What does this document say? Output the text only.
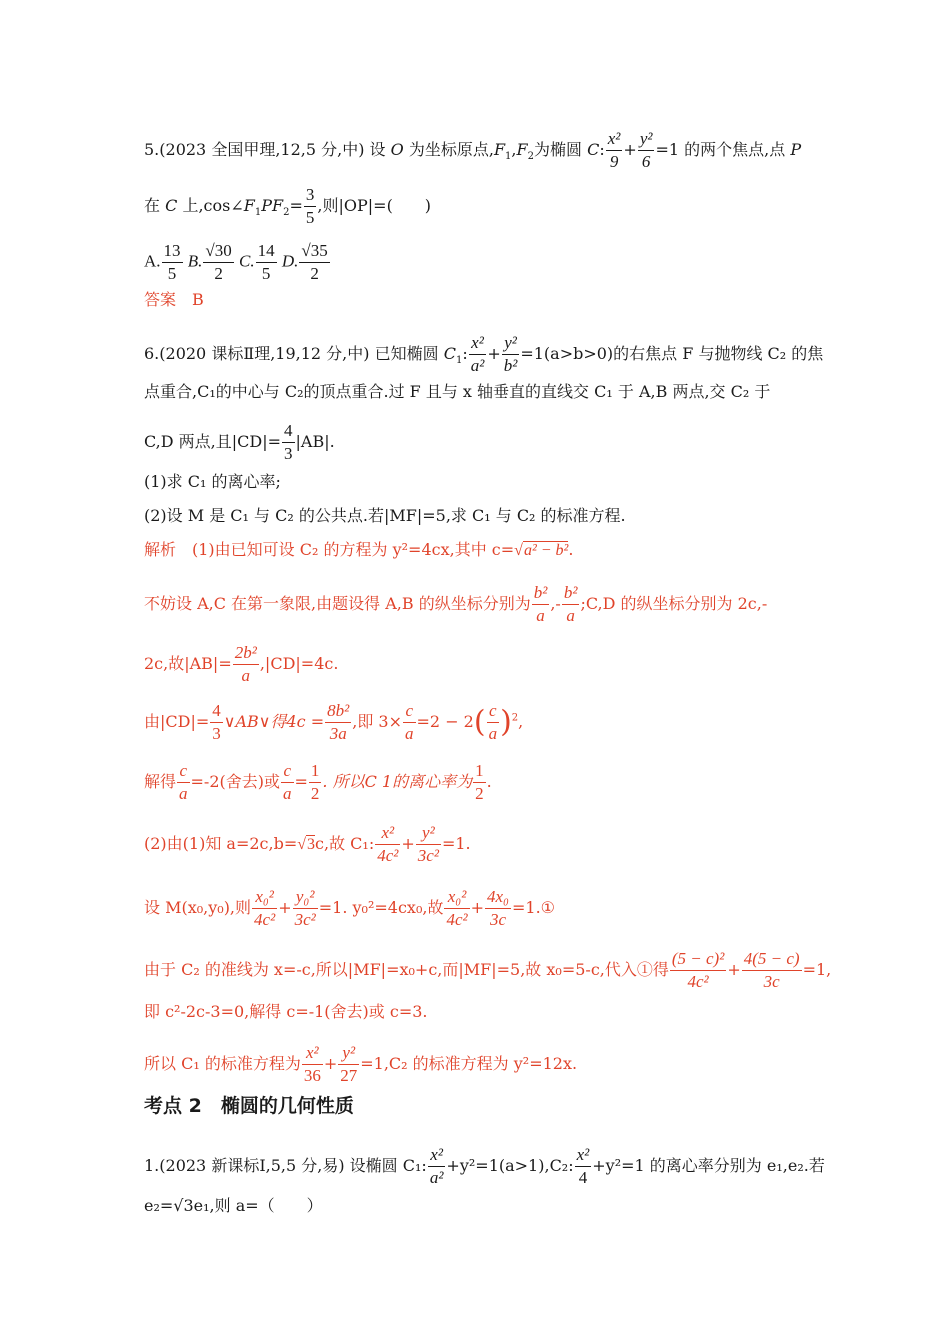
5.(2023 全国甲理,12,5 分,中) 设 O 为坐标原点$,F_1,F_2$为椭圆 C: $\frac{\text{x²}}{9} + \frac{\text{y²}}{6} =1$ 的两个焦点,点 P
在 C 上$,\cos\angle F_1PF_2= \frac{3}{5}$ ,则|OP|=(　　)
A. $\frac{13}{5} B$. $\frac{√30}{2} C$. $\frac{14}{5} D$. $\frac{√35}{2}$
答案　B
6.(2020 课标Ⅱ理,19,12 分,中) 已知椭圆 $C_1$: $\frac{\text{x²}}{\text{a²}} + \frac{\text{y²}}{\text{b²}} =1(a>b>0)$的右焦点 F 与抛物线 C₂ 的焦
点重合,C₁的中心与 C₂的顶点重合.过 F 且与 x 轴垂直的直线交 C₁ 于 A,B 两点,交 C₂ 于
C,D 两点,且$|CD|= \frac{4}{3} |AB|$.
(1)求 C₁ 的离心率;
(2)设 M 是 C₁ 与 C₂ 的公共点.若|MF|=5,求 C₁ 与 C₂ 的标准方程.
解析　(1)由已知可设 C₂ 的方程为 y²=4cx,其中 c=√a² − b².
不妨设 A,C 在第一象限,由题设得 A,B 的纵坐标分别为 $\frac{\text{b²}}{a}$ ,- $\frac{\text{b²}}{a}$ ;C,D 的纵坐标分别为 2c,-
2c,故$|AB|= \frac{\text{2b²}}{a} ,|CD|=4c$.
由$|CD|= \frac{4}{3}$ ∨AB∨得$4c = \frac{\text{8b²}}{3a}$ ,即 $3\times \frac{c}{a} =2 - 2( \frac{c}{a} )^2$,
解得 $\frac{c}{a} =-2$(舍去)或 $\frac{c}{a} = \frac{1}{2}$ . 所以C 1的离心率为 $\frac{1}{2}$ .
(2)由(1)知 a=2c,b=√3c,故 C₁: $\frac{\text{x²}}{\text{4c²}} + \frac{\text{y²}}{\text{3c²}} =1$.
设 M(x₀,y₀),则 $\frac{\text{x₀²}}{\text{4c²}} + \frac{\text{y₀²}}{\text{3c²}} =1$. y₀²=4cx₀,故 $\frac{\text{x₀²}}{\text{4c²}} + \frac{\text{4x₀}}{3c}$ =1.①
由于 C₂ 的准线为 x=-c,所以|MF|=x₀+c,而|MF|=5,故 x₀=5-c,代入①得 $\frac{\text{(5 − c)²}}{\text{4c²}} + \frac{4(5 - c)}{3c} =1$,
即 c²-2c-3=0,解得 c=-1(舍去)或 c=3.
所以 C₁ 的标准方程为 $\frac{\text{x²}}{36} + \frac{\text{y²}}{27} =1,C_2$ 的标准方程为 y²=12x.
考点 2　椭圆的几何性质
1.(2023 新课标Ⅰ,5,5 分,易) 设椭圆 C₁: $\frac{\text{x²}}{\text{a²}} +y^2=1(a>1),C_2$: $\frac{\text{x²}}{4} +y^2=1$ 的离心率分别为 e₁,e₂.若
e₂=√3e₁,则 a=（　　）
